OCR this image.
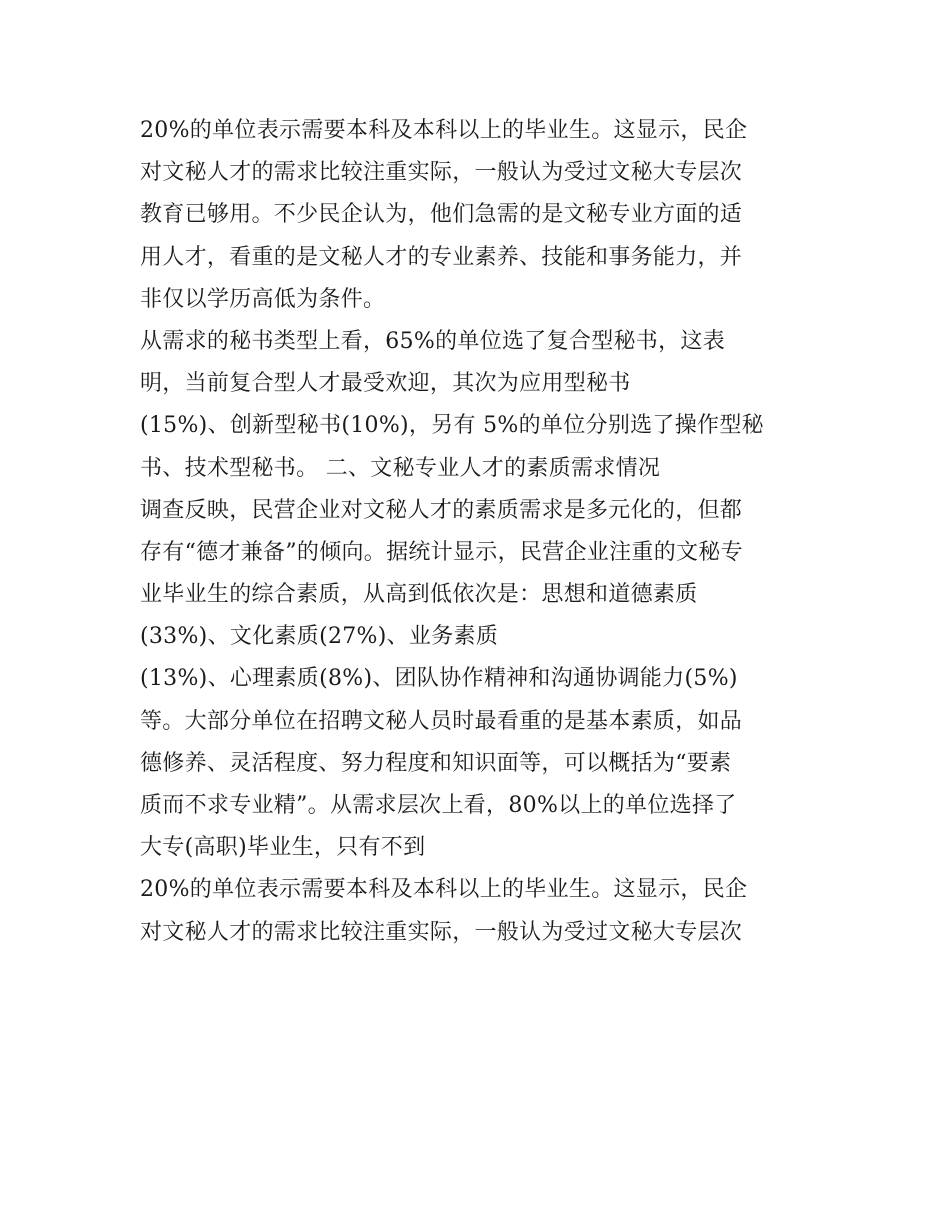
20%的单位表示需要本科及本科以上的毕业生。这显示，民企
对文秘人才的需求比较注重实际，一般认为受过文秘大专层次
教育已够用。不少民企认为，他们急需的是文秘专业方面的适
用人才，看重的是文秘人才的专业素养、技能和事务能力，并
非仅以学历高低为条件。
从需求的秘书类型上看，65%的单位选了复合型秘书，这表
明，当前复合型人才最受欢迎，其次为应用型秘书
(15%)、创新型秘书(10%)，另有 5%的单位分别选了操作型秘
书、技术型秘书。 二、文秘专业人才的素质需求情况
调查反映，民营企业对文秘人才的素质需求是多元化的，但都
存有“德才兼备”的倾向。据统计显示，民营企业注重的文秘专
业毕业生的综合素质，从高到低依次是：思想和道德素质
(33%)、文化素质(27%)、业务素质
(13%)、心理素质(8%)、团队协作精神和沟通协调能力(5%)
等。大部分单位在招聘文秘人员时最看重的是基本素质，如品
德修养、灵活程度、努力程度和知识面等，可以概括为“要素
质而不求专业精”。从需求层次上看，80%以上的单位选择了
大专(高职)毕业生，只有不到
20%的单位表示需要本科及本科以上的毕业生。这显示，民企
对文秘人才的需求比较注重实际，一般认为受过文秘大专层次
